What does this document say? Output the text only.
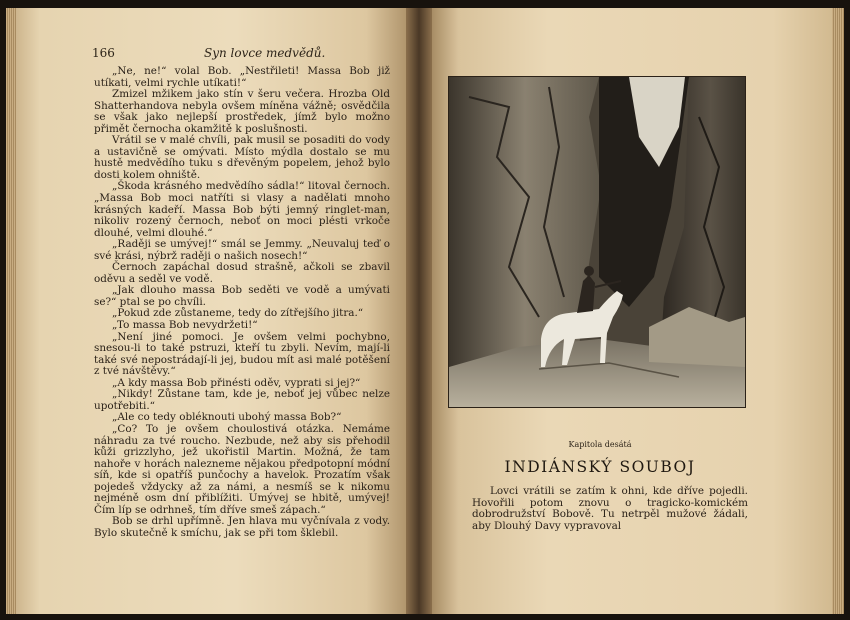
166	Syn lovce medvědů.

„Ne, ne!“ volal Bob. „Nestřileti! Massa Bob již utíkati, velmi rychle utíkati!“

Zmizel mžikem jako stín v šeru večera. Hrozba Old Shatterhandova nebyla ovšem míněna vážně; osvědčila se však jako nejlepší prostředek, jímž bylo možno přimět černocha okamžitě k poslušnosti.

Vrátil se v malé chvíli, pak musil se posaditi do vody a ustavičně se omývati. Místo mýdla dostalo se mu hustě medvědího tuku s dřevěným popelem, jehož bylo dosti kolem ohniště.

„Škoda krásného medvědího sádla!“ litoval černoch. „Massa Bob moci natříti si vlasy a nadělati mnoho krásných kadeří. Massa Bob býti jemný ringlet-man, nikoliv rozený černoch, neboť on moci plésti vrkoče dlouhé, velmi dlouhé.“

„Raději se umývej!“ smál se Jemmy. „Neuvaluj teď o své krási, nýbrž raději o našich nosech!“

Černoch zapáchal dosud strašně, ačkoli se zbavil oděvu a seděl ve vodě.

„Jak dlouho massa Bob seděti ve vodě a umývati se?“ ptal se po chvíli.

„Pokud zde zůstaneme, tedy do zítřejšího jitra.“

„To massa Bob nevydržeti!“

„Není jiné pomoci. Je ovšem velmi pochybno, snesou-li to také pstruzi, kteří tu zbyli. Nevím, mají-li také své nepostrádají-li jej, budou mít asi malé potěšení z tvé návštěvy.“

„A kdy massa Bob přinésti oděv, vyprati si jej?“

„Nikdy! Zůstane tam, kde je, neboť jej vůbec nelze upotřebiti.“

„Ale co tedy obléknouti ubohý massa Bob?“

„Co? To je ovšem choulostivá otázka. Nemáme náhradu za tvé roucho. Nezbude, než aby sis přehodil kůži grizzlyho, jež ukořistil Martin. Možná, že tam nahoře v horách nalezneme nějakou předpotopní módní síň, kde si opatříš punčochy a havelok. Prozatím však pojedeš vždycky až za námi, a nesmíš se k nikomu nejméně osm dní přiblížiti. Umývej se hbitě, umývej! Čím líp se odrhneš, tím dříve smeš zápach.“

Bob se drhl upřímně. Jen hlava mu vyčnívala z vody. Bylo skutečně k smíchu, jak se při tom šklebil.

Kapitola desátá
INDIÁNSKÝ SOUBOJ

Lovci vrátili se zatím k ohni, kde dříve pojedli. Hovořili potom znovu o tragicko-komickém dobrodružství Bobově. Tu netrpěl mužové žádali, aby Dlouhý Davy vypravoval
